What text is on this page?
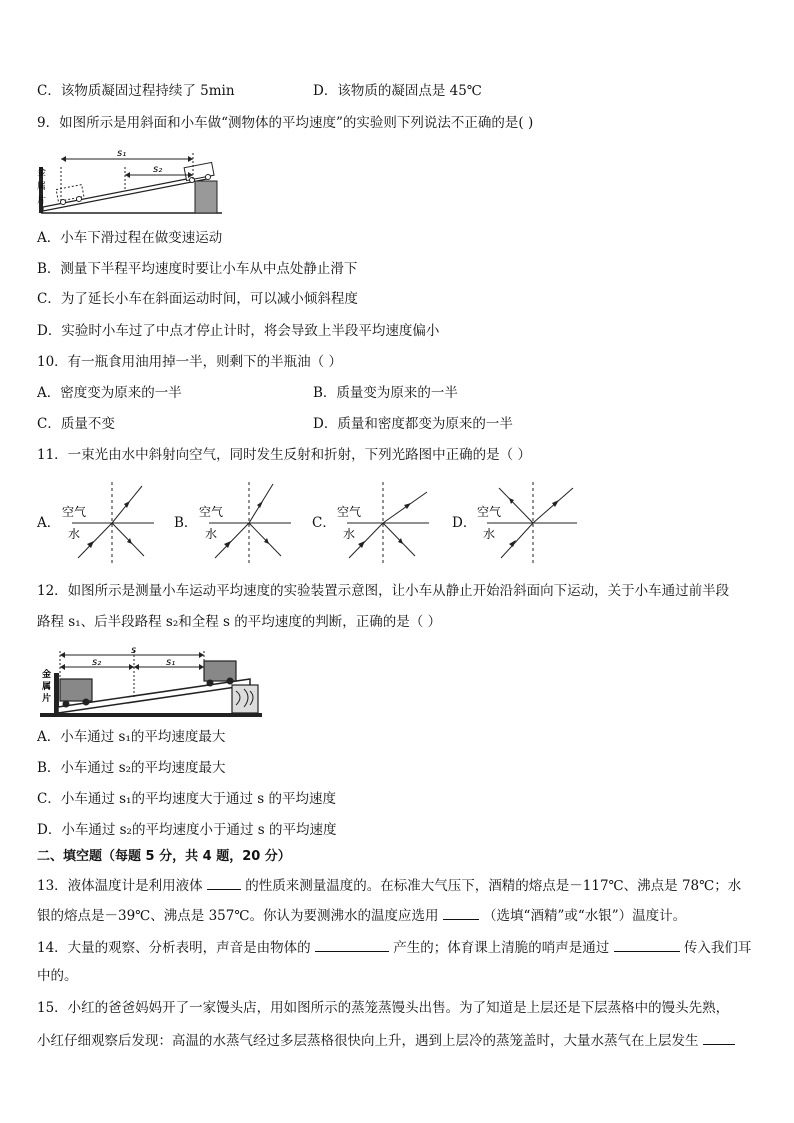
C．该物质凝固过程持续了 5min	D．该物质的凝固点是 45℃
9．如图所示是用斜面和小车做“测物体的平均速度”的实验则下列说法不正确的是( )
金
属
片
s₁
s₂
A．小车下滑过程在做变速运动
B．测量下半程平均速度时要让小车从中点处静止滑下
C．为了延长小车在斜面运动时间，可以减小倾斜程度
D．实验时小车过了中点才停止计时，将会导致上半段平均速度偏小
10．有一瓶食用油用掉一半，则剩下的半瓶油（ ）
A．密度变为原来的一半	B．质量变为原来的一半
C．质量不变	D．质量和密度都变为原来的一半
11．一束光由水中斜射向空气，同时发生反射和折射，下列光路图中正确的是（ ）
A．
空气
水
B．
空气
水
C．
空气
水
D．
空气
水
12．如图所示是测量小车运动平均速度的实验装置示意图，让小车从静止开始沿斜面向下运动，关于小车通过前半段
路程 s₁、后半段路程 s₂和全程 s 的平均速度的判断，正确的是（ ）
金
属
片
s
s₂	s₁
A．小车通过 s₁的平均速度最大
B．小车通过 s₂的平均速度最大
C．小车通过 s₁的平均速度大于通过 s 的平均速度
D．小车通过 s₂的平均速度小于通过 s 的平均速度
二、填空题（每题 5 分，共 4 题，20 分）
13．液体温度计是利用液体	的性质来测量温度的。在标准大气压下，酒精的熔点是－117℃、沸点是 78℃；水
银的熔点是－39℃、沸点是 357℃。你认为要测沸水的温度应选用	（选填“酒精”或“水银”）温度计。
14．大量的观察、分析表明，声音是由物体的	产生的；体育课上清脆的哨声是通过	传入我们耳
中的。
15．小红的爸爸妈妈开了一家馒头店，用如图所示的蒸笼蒸馒头出售。为了知道是上层还是下层蒸格中的馒头先熟，
小红仔细观察后发现：高温的水蒸气经过多层蒸格很快向上升，遇到上层冷的蒸笼盖时，大量水蒸气在上层发生
